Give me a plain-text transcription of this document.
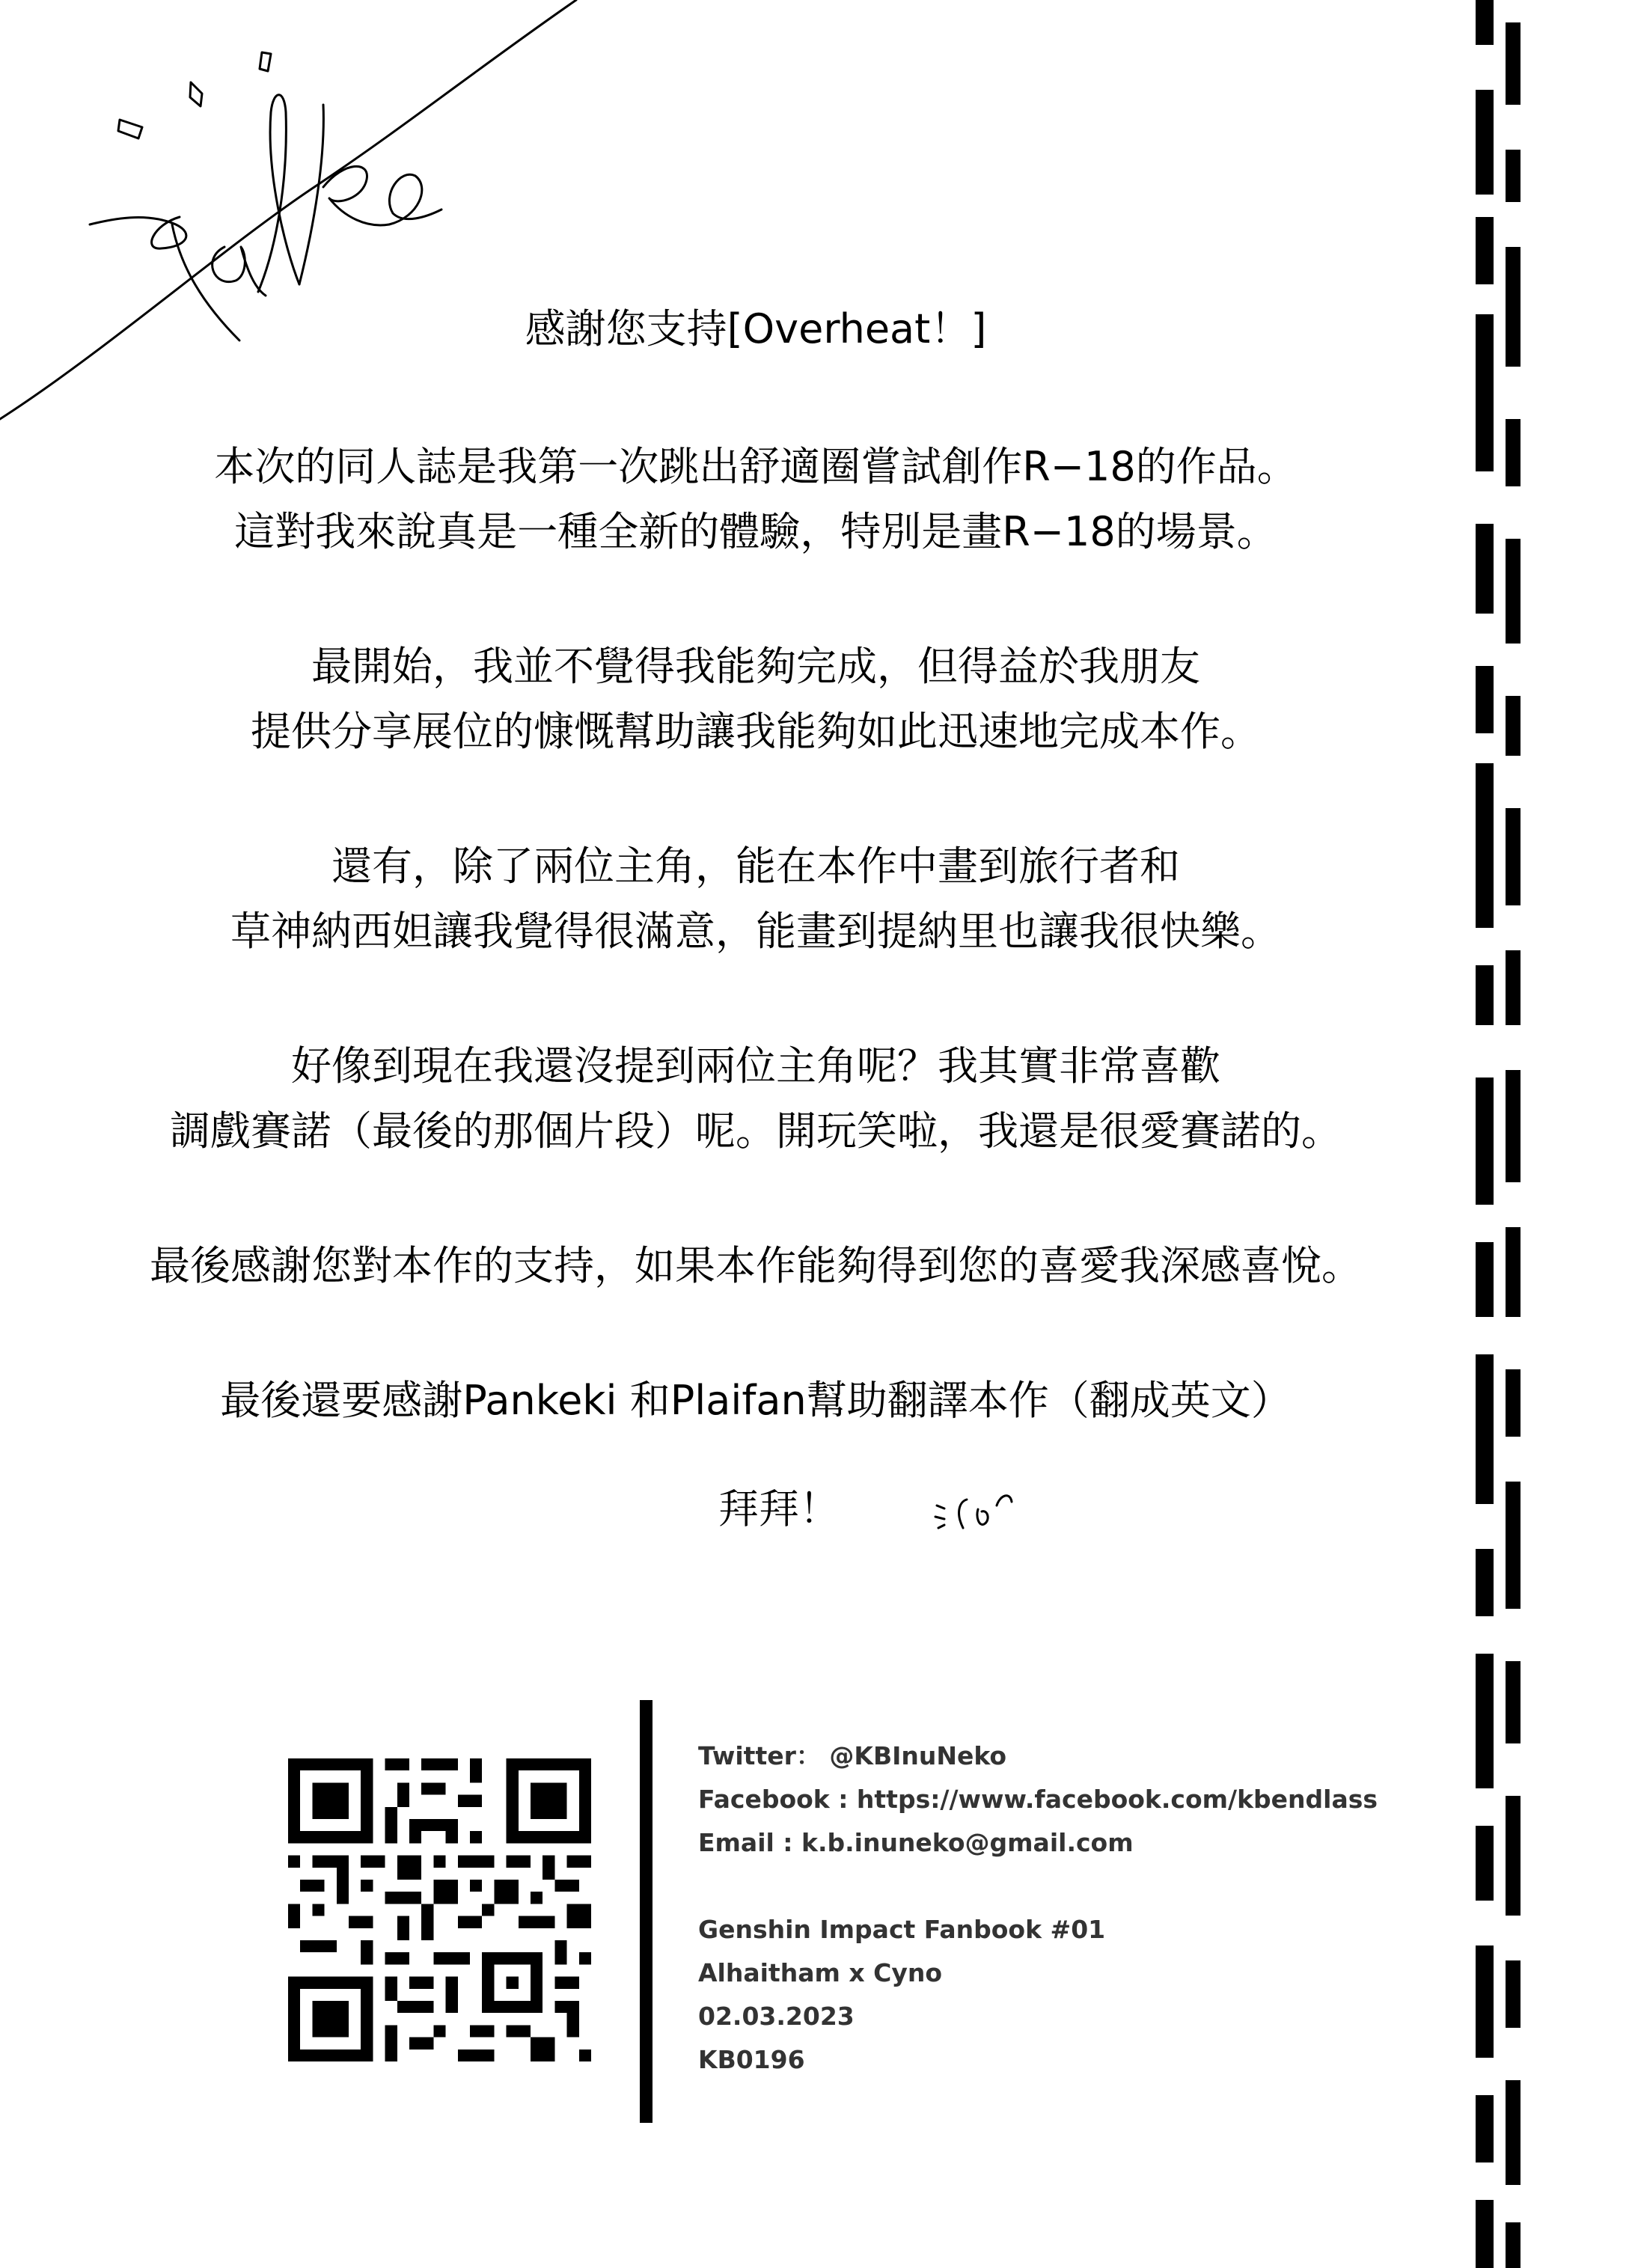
感謝您支持[Overheat！]
本次的同人誌是我第一次跳出舒適圈嘗試創作R−18的作品。
這對我來說真是一種全新的體驗，特別是畫R−18的場景。
最開始，我並不覺得我能夠完成，但得益於我朋友
提供分享展位的慷慨幫助讓我能夠如此迅速地完成本作。
還有，除了兩位主角，能在本作中畫到旅行者和
草神納西妲讓我覺得很滿意，能畫到提納里也讓我很快樂。
好像到現在我還沒提到兩位主角呢？我其實非常喜歡
調戲賽諾（最後的那個片段）呢。開玩笑啦，我還是很愛賽諾的。
最後感謝您對本作的支持，如果本作能夠得到您的喜愛我深感喜悅。
最後還要感謝Pankeki 和Plaifan幫助翻譯本作（翻成英文）
拜拜！
Twitter： @KBInuNeko
Facebook : https://www.facebook.com/kbendlass
Email : k.b.inuneko@gmail.com
Genshin Impact Fanbook #01
Alhaitham x Cyno
02.03.2023
KB0196
